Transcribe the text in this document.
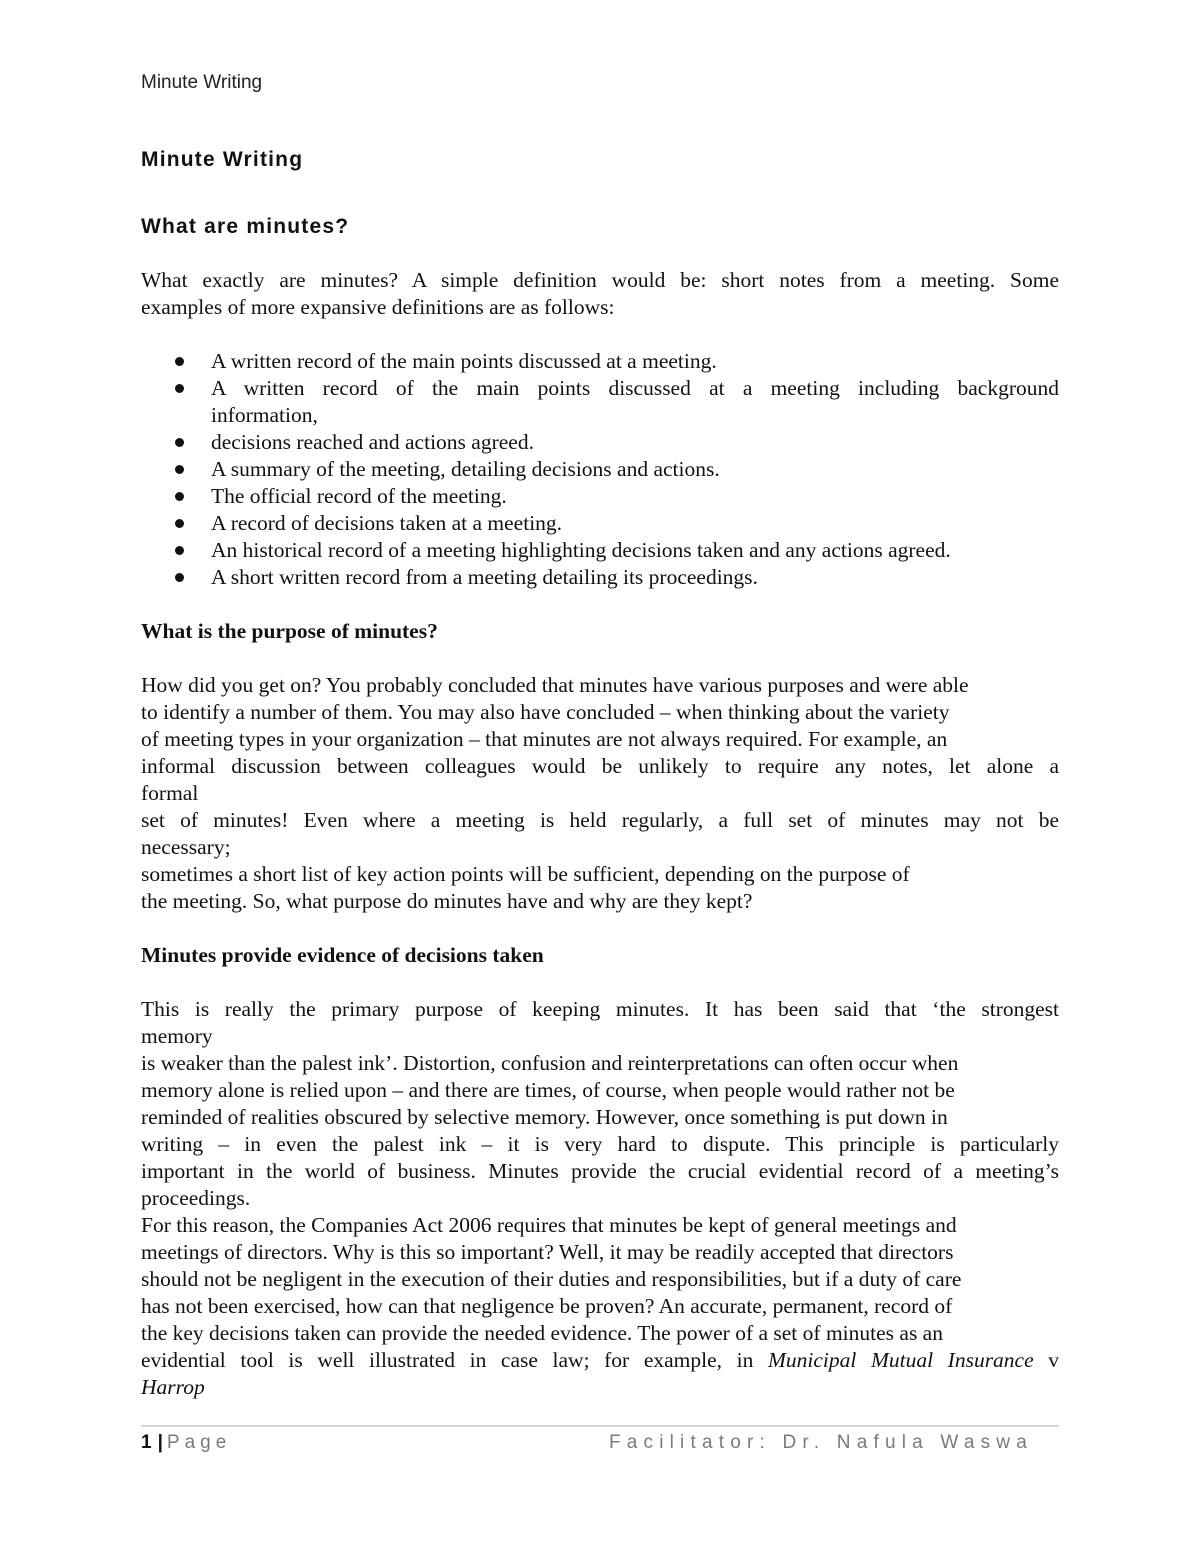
Minute Writing
Minute Writing
What are minutes?

What exactly are minutes? A simple definition would be: short notes from a meeting. Some
examples of more expansive definitions are as follows:

A written record of the main points discussed at a meeting.
A written record of the main points discussed at a meeting including background
information,
decisions reached and actions agreed.
A summary of the meeting, detailing decisions and actions.
The official record of the meeting.
A record of decisions taken at a meeting.
An historical record of a meeting highlighting decisions taken and any actions agreed.
A short written record from a meeting detailing its proceedings.
What is the purpose of minutes?

How did you get on? You probably concluded that minutes have various purposes and were able
to identify a number of them. You may also have concluded – when thinking about the variety
of meeting types in your organization – that minutes are not always required. For example, an
informal discussion between colleagues would be unlikely to require any notes, let alone a
formal
set of minutes! Even where a meeting is held regularly, a full set of minutes may not be
necessary;
sometimes a short list of key action points will be sufficient, depending on the purpose of
the meeting. So, what purpose do minutes have and why are they kept?

Minutes provide evidence of decisions taken

This is really the primary purpose of keeping minutes. It has been said that ‘the strongest
memory
is weaker than the palest ink’. Distortion, confusion and reinterpretations can often occur when
memory alone is relied upon – and there are times, of course, when people would rather not be
reminded of realities obscured by selective memory. However, once something is put down in
writing – in even the palest ink – it is very hard to dispute. This principle is particularly
important in the world of business. Minutes provide the crucial evidential record of a meeting’s
proceedings.
For this reason, the Companies Act 2006 requires that minutes be kept of general meetings and
meetings of directors. Why is this so important? Well, it may be readily accepted that directors
should not be negligent in the execution of their duties and responsibilities, but if a duty of care
has not been exercised, how can that negligence be proven? An accurate, permanent, record of
the key decisions taken can provide the needed evidence. The power of a set of minutes as an
evidential tool is well illustrated in case law; for example, in Municipal Mutual Insurance v
Harrop

1 | Page	Facilitator: Dr. Nafula Waswa
